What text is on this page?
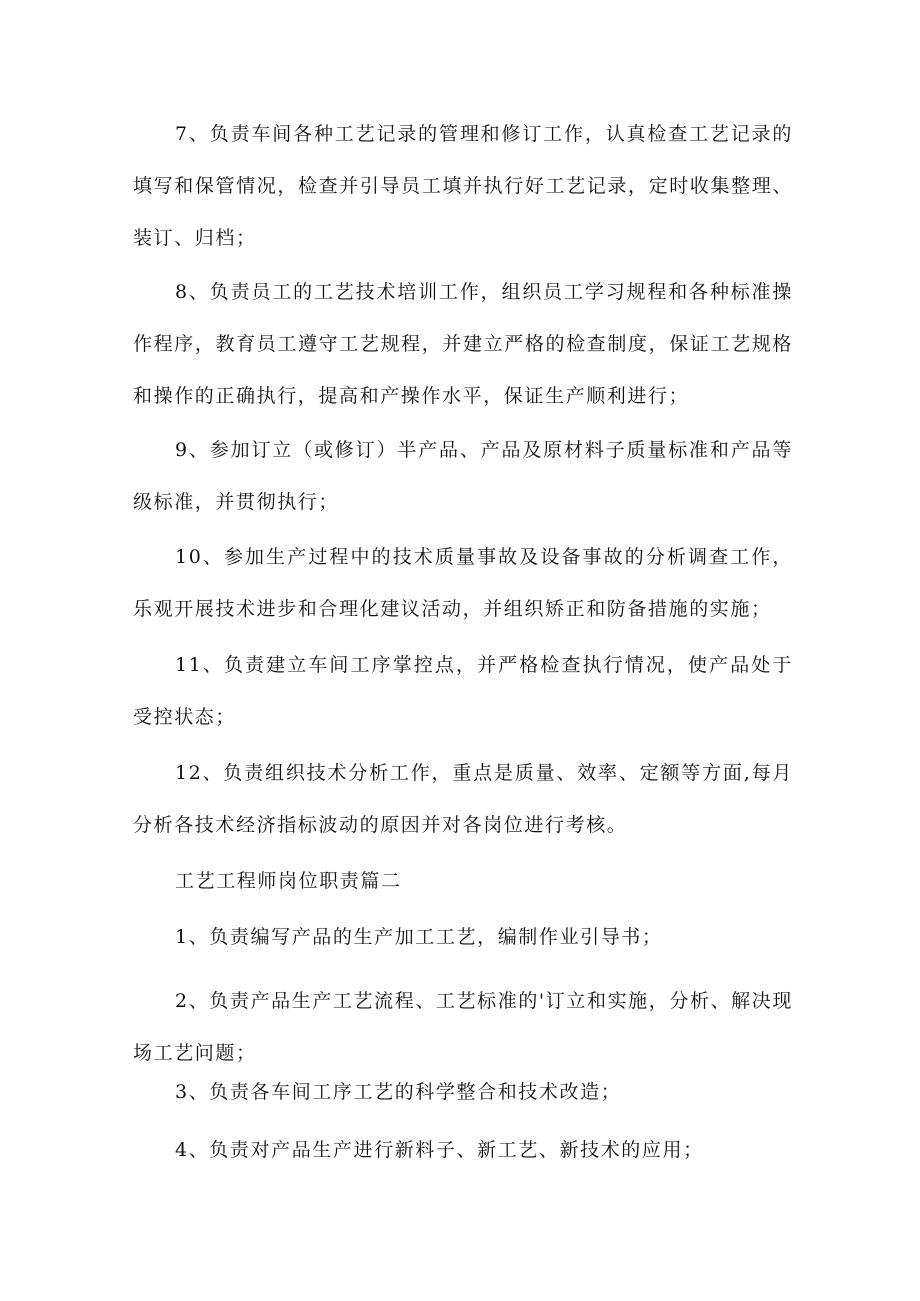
7、负责车间各种工艺记录的管理和修订工作，认真检查工艺记录的填写和保管情况，检查并引导员工填并执行好工艺记录，定时收集整理、装订、归档；

8、负责员工的工艺技术培训工作，组织员工学习规程和各种标准操作程序，教育员工遵守工艺规程，并建立严格的检查制度，保证工艺规格和操作的正确执行，提高和产操作水平，保证生产顺利进行；

9、参加订立（或修订）半产品、产品及原材料子质量标准和产品等级标准，并贯彻执行；

10、参加生产过程中的技术质量事故及设备事故的分析调查工作，乐观开展技术进步和合理化建议活动，并组织矫正和防备措施的实施；

11、负责建立车间工序掌控点，并严格检查执行情况，使产品处于受控状态；

12、负责组织技术分析工作，重点是质量、效率、定额等方面,每月分析各技术经济指标波动的原因并对各岗位进行考核。

工艺工程师岗位职责篇二

1、负责编写产品的生产加工工艺，编制作业引导书；

2、负责产品生产工艺流程、工艺标准的'订立和实施，分析、解决现场工艺问题；

3、负责各车间工序工艺的科学整合和技术改造；

4、负责对产品生产进行新料子、新工艺、新技术的应用；
